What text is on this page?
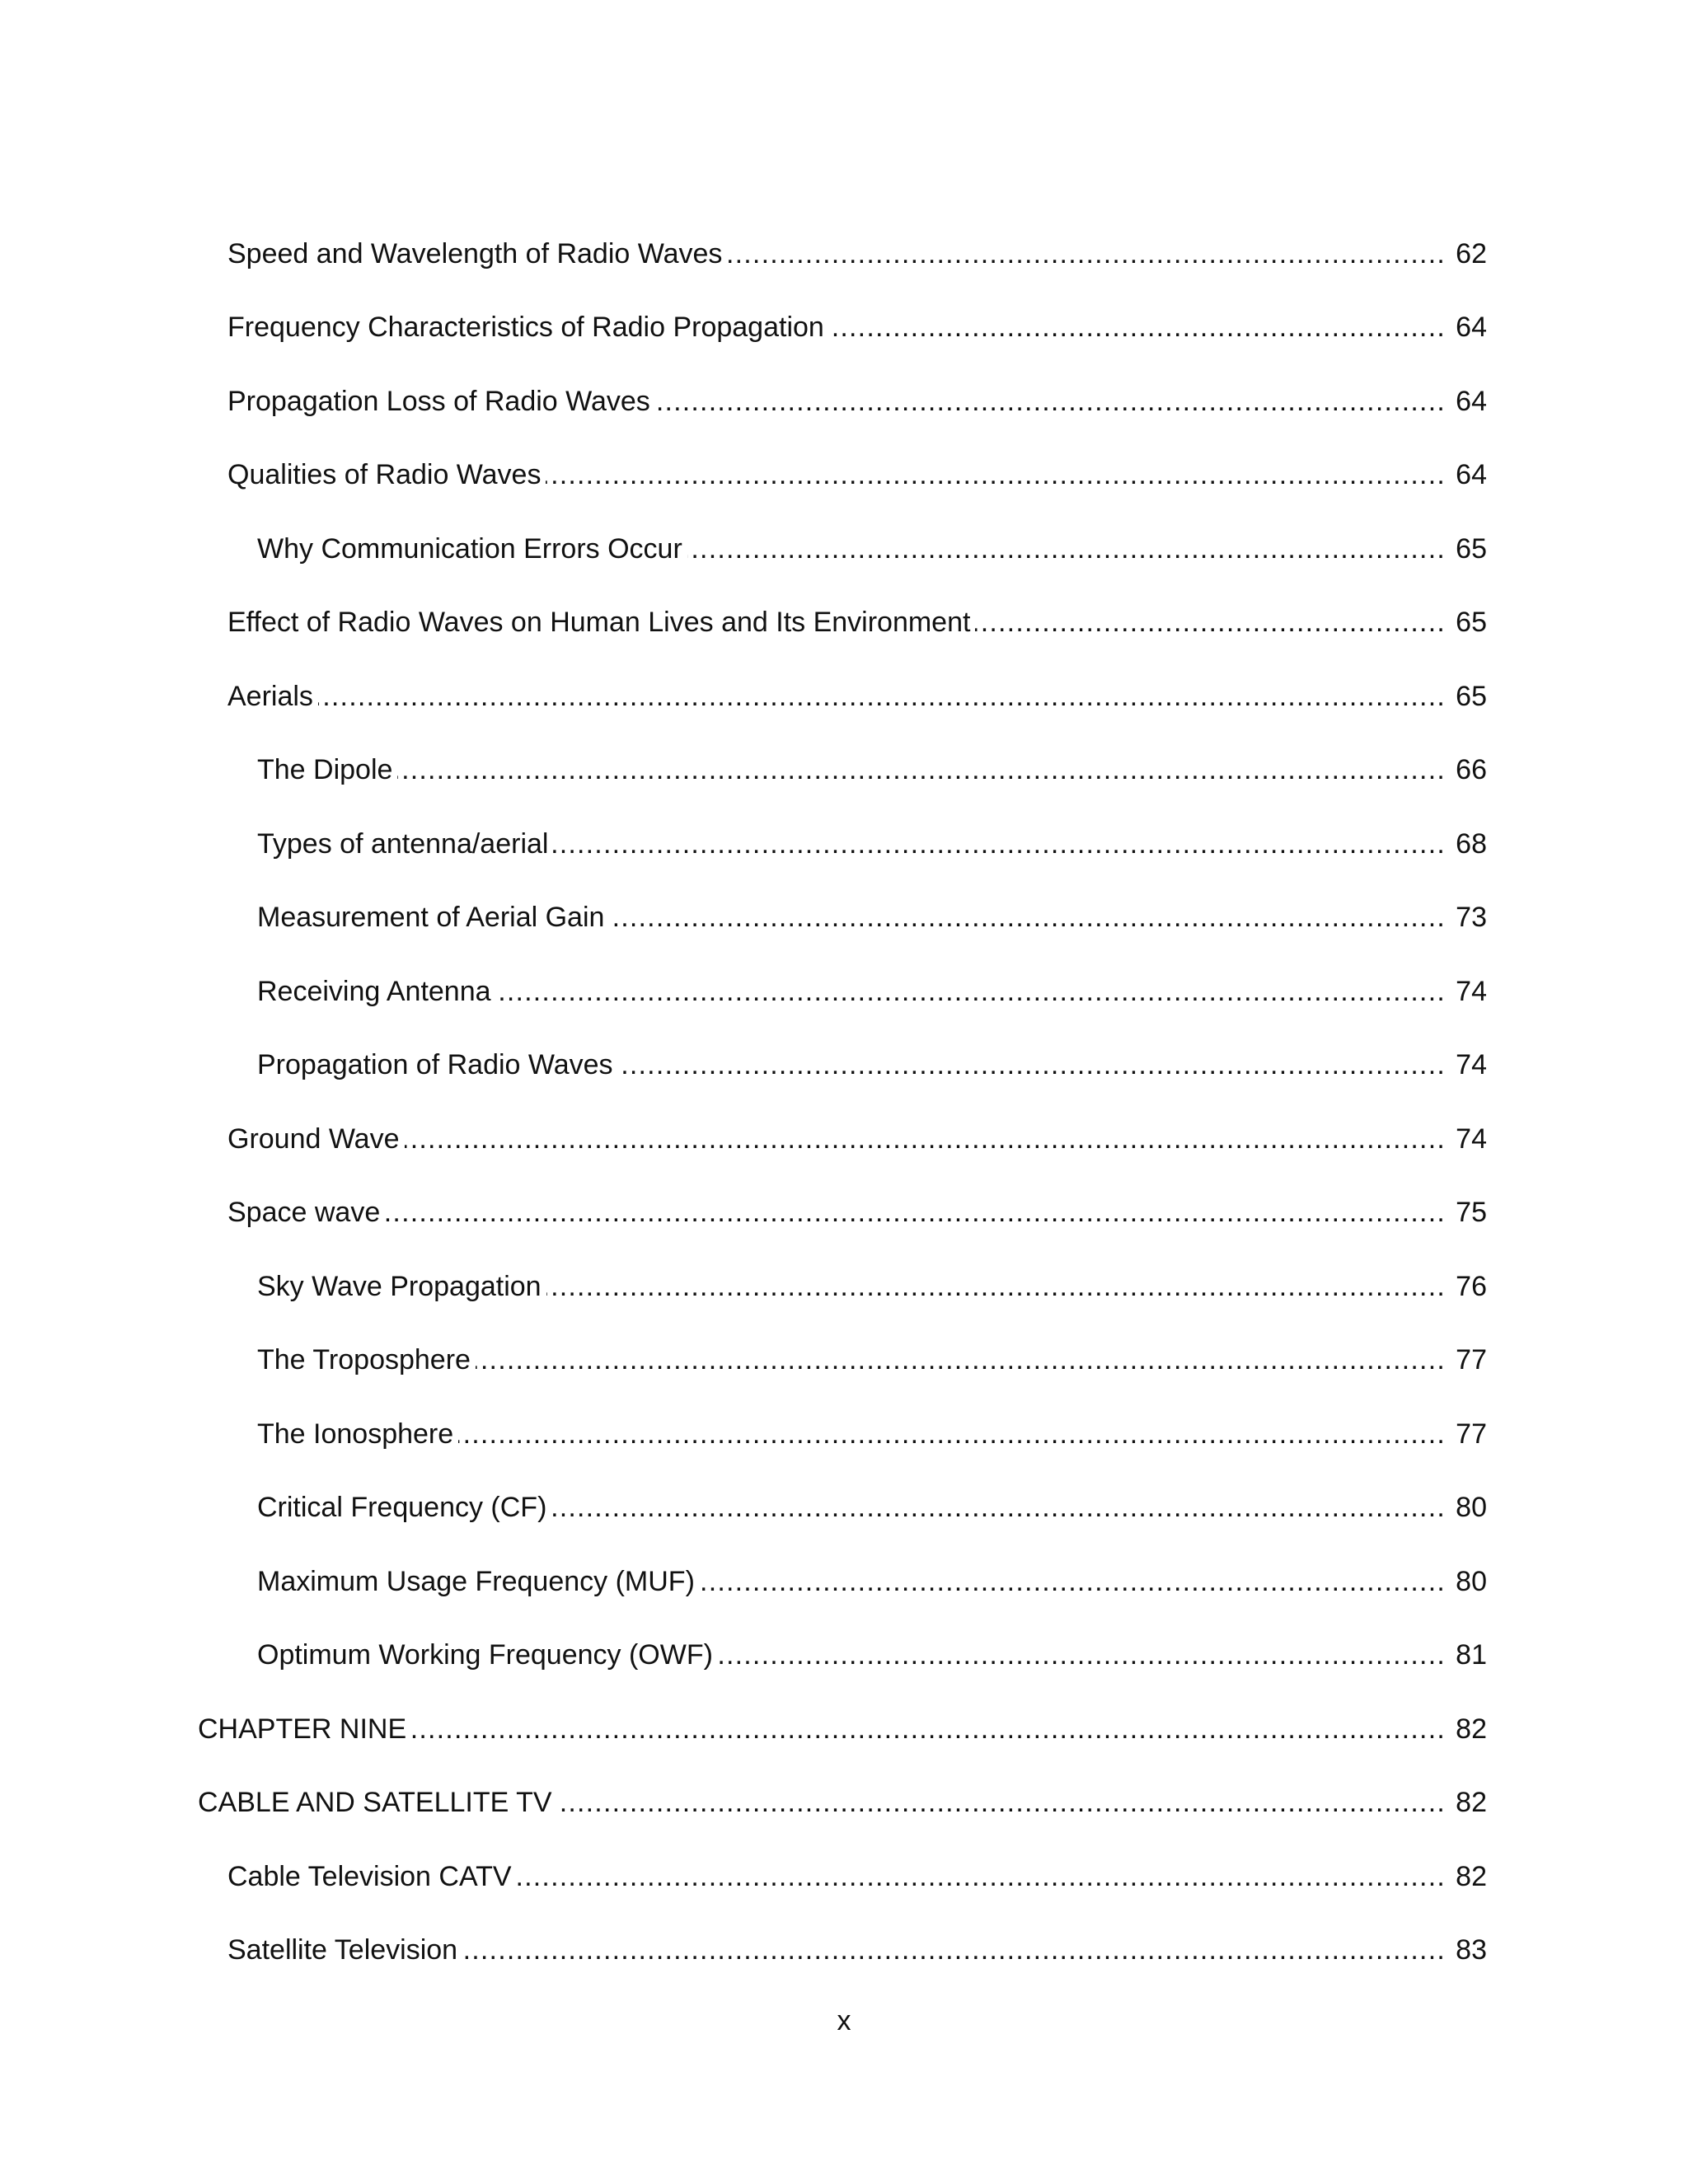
Speed and Wavelength of Radio Waves .....	62
Frequency Characteristics of Radio Propagation .....	64
Propagation Loss of Radio Waves .....	64
Qualities of Radio Waves .....	64
Why Communication Errors Occur .....	65
Effect of Radio Waves on Human Lives and Its Environment .....	65
Aerials .....	65
The Dipole .....	66
Types of antenna/aerial .....	68
Measurement of Aerial Gain .....	73
Receiving Antenna .....	74
Propagation of Radio Waves .....	74
Ground Wave .....	74
Space wave .....	75
Sky Wave Propagation .....	76
The Troposphere .....	77
The Ionosphere .....	77
Critical Frequency (CF) .....	80
Maximum Usage Frequency (MUF) .....	80
Optimum Working Frequency (OWF) .....	81
CHAPTER NINE .....	82
CABLE AND SATELLITE TV .....	82
Cable Television CATV .....	82
Satellite Television .....	83
x
